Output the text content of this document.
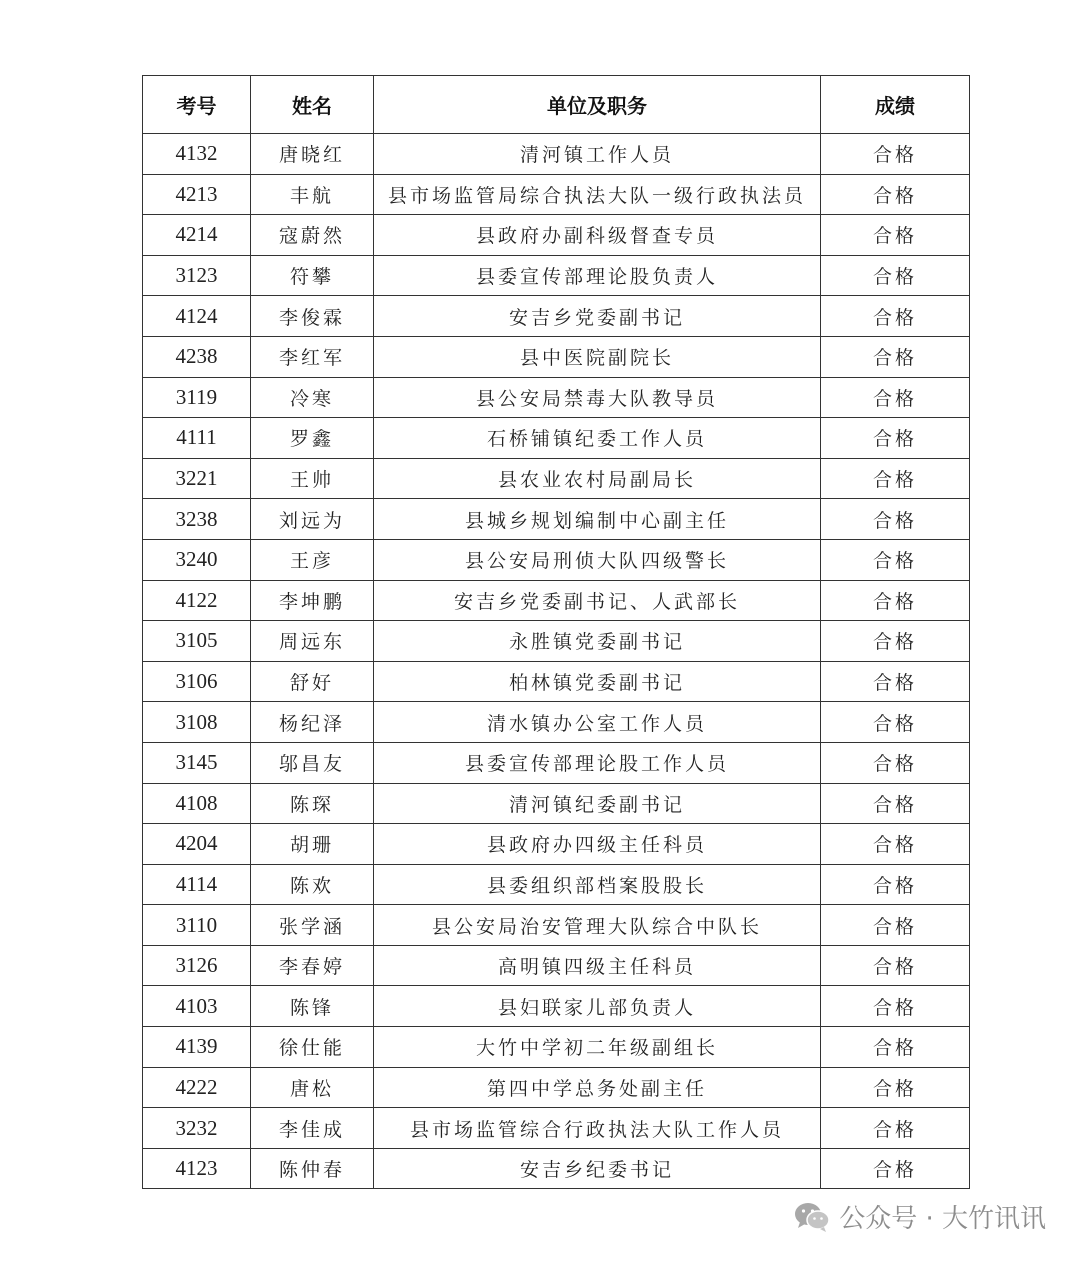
考号	姓名	单位及职务	成绩
4132	唐晓红	清河镇工作人员	合格
4213	丰航	县市场监管局综合执法大队一级行政执法员	合格
4214	寇蔚然	县政府办副科级督查专员	合格
3123	符攀	县委宣传部理论股负责人	合格
4124	李俊霖	安吉乡党委副书记	合格
4238	李红军	县中医院副院长	合格
3119	冷寒	县公安局禁毒大队教导员	合格
4111	罗鑫	石桥铺镇纪委工作人员	合格
3221	王帅	县农业农村局副局长	合格
3238	刘远为	县城乡规划编制中心副主任	合格
3240	王彦	县公安局刑侦大队四级警长	合格
4122	李坤鹏	安吉乡党委副书记、人武部长	合格
3105	周远东	永胜镇党委副书记	合格
3106	舒好	柏林镇党委副书记	合格
3108	杨纪泽	清水镇办公室工作人员	合格
3145	邬昌友	县委宣传部理论股工作人员	合格
4108	陈琛	清河镇纪委副书记	合格
4204	胡珊	县政府办四级主任科员	合格
4114	陈欢	县委组织部档案股股长	合格
3110	张学涵	县公安局治安管理大队综合中队长	合格
3126	李春婷	高明镇四级主任科员	合格
4103	陈锋	县妇联家儿部负责人	合格
4139	徐仕能	大竹中学初二年级副组长	合格
4222	唐松	第四中学总务处副主任	合格
3232	李佳成	县市场监管综合行政执法大队工作人员	合格
4123	陈仲春	安吉乡纪委书记	合格
公众号 · 大竹讯讯
